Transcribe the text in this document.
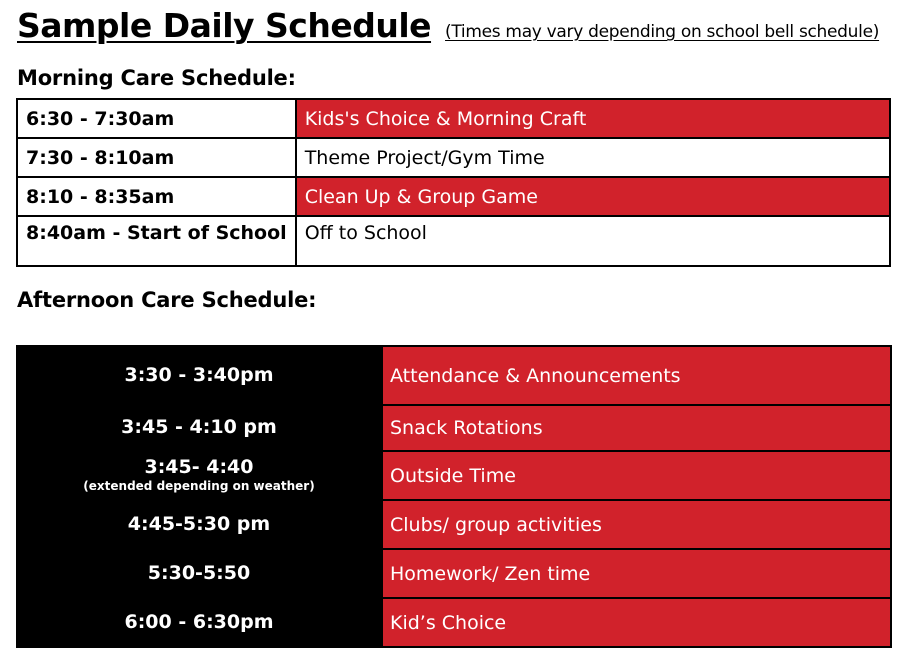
Sample Daily Schedule (Times may vary depending on school bell schedule)
Morning Care Schedule:
6:30 - 7:30am	Kids's Choice & Morning Craft
7:30 - 8:10am	Theme Project/Gym Time
8:10 - 8:35am	Clean Up & Group Game
8:40am - Start of School	Off to School
Afternoon Care Schedule:
3:30 - 3:40pm	Attendance & Announcements
3:45 - 4:10 pm	Snack Rotations
3:45- 4:40
(extended depending on weather)	Outside Time
4:45-5:30 pm	Clubs/ group activities
5:30-5:50	Homework/ Zen time
6:00 - 6:30pm	Kid’s Choice
